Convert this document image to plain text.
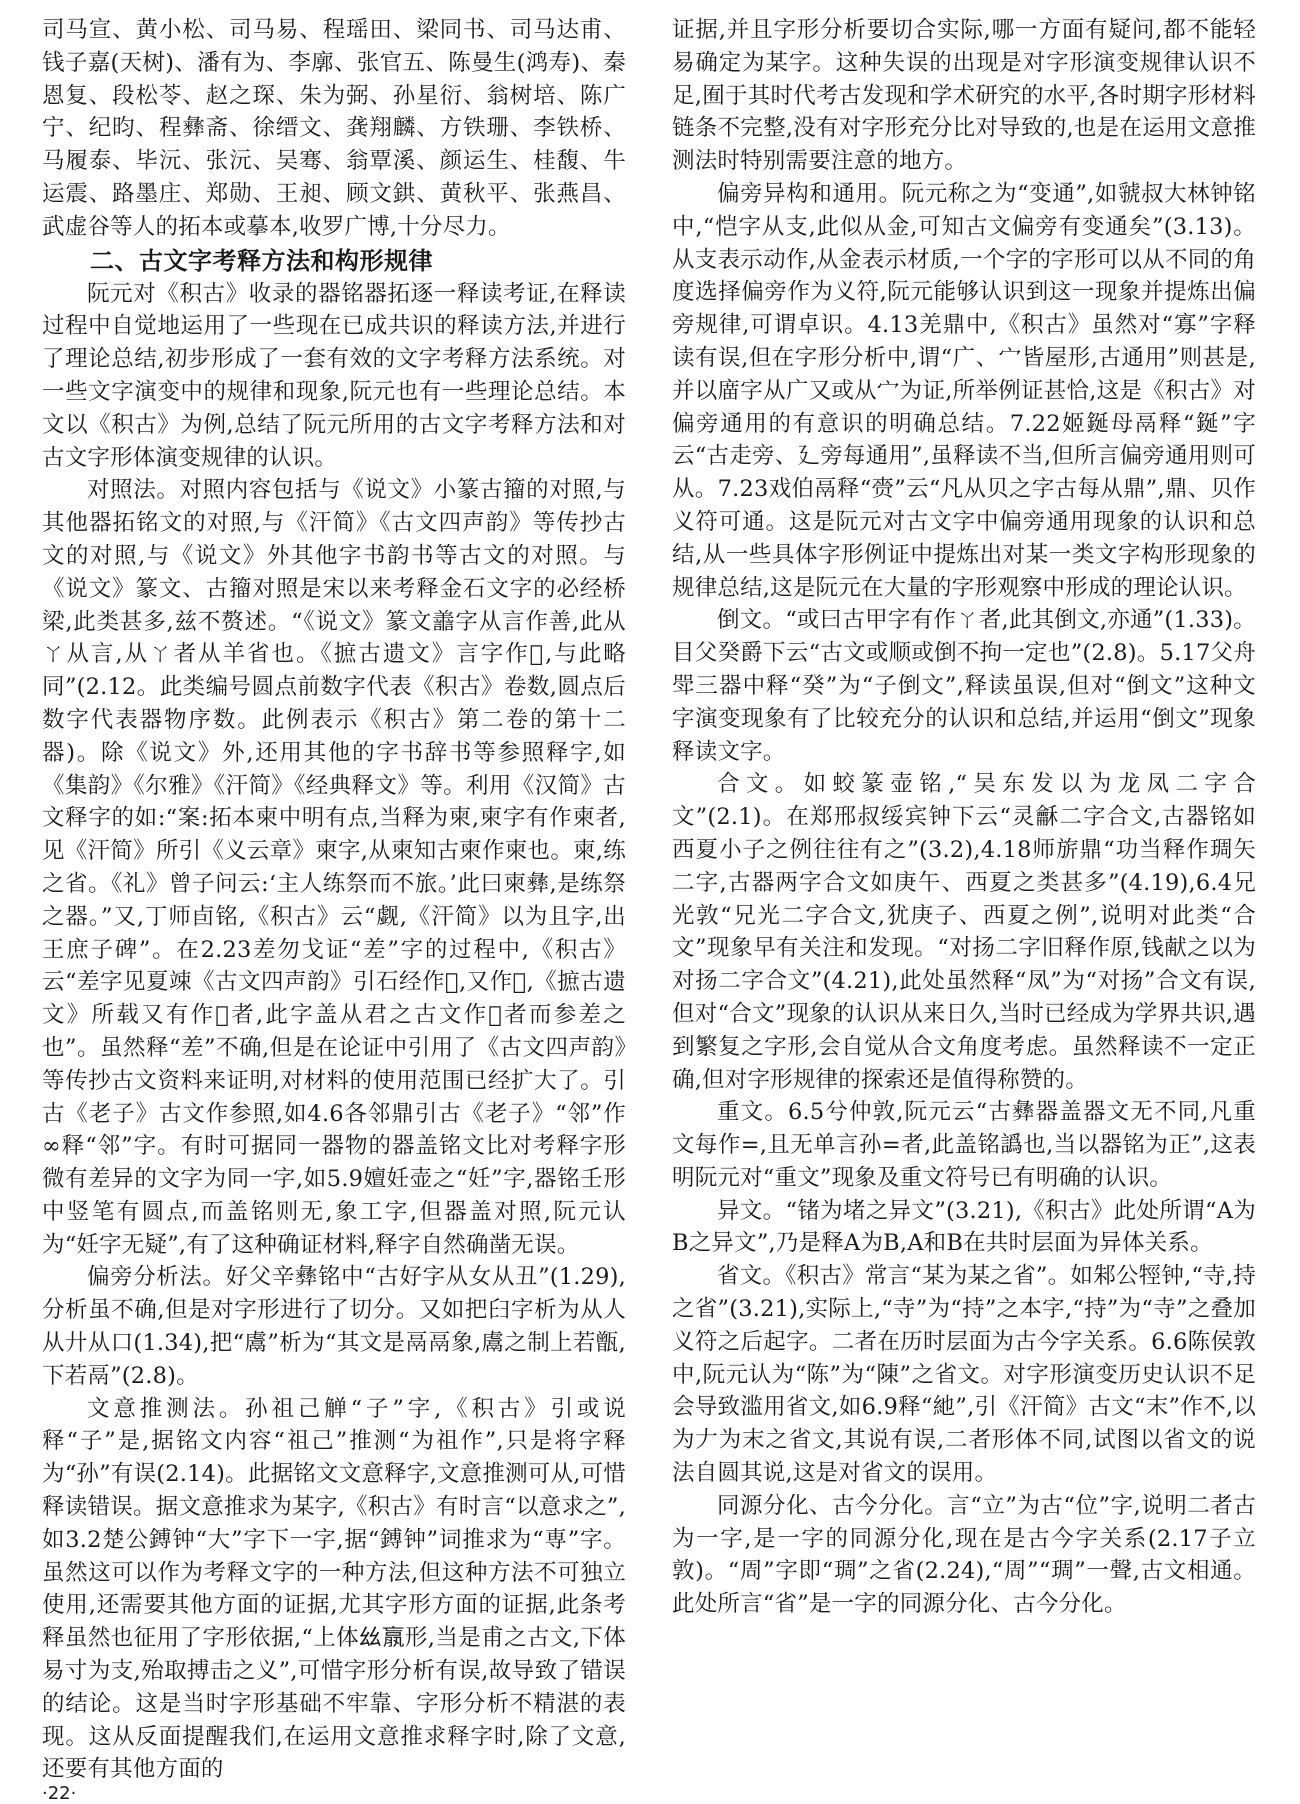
司马宣、黄小松、司马易、程瑶田、梁同书、司马达甫、钱子嘉(天树)、潘有为、李廓、张官五、陈曼生(鸿寿)、秦恩复、段松苓、赵之琛、朱为弼、孙星衍、翁树培、陈广宁、纪昀、程彝斋、徐缙文、龚翔麟、方铁珊、李铁桥、马履泰、毕沅、张沅、吴骞、翁覃溪、颜运生、桂馥、牛运震、路墨庄、郑勋、王昶、顾文鉷、黄秋平、张燕昌、武虚谷等人的拓本或摹本,收罗广博,十分尽力。

二、古文字考释方法和构形规律

阮元对《积古》收录的器铭器拓逐一释读考证,在释读过程中自觉地运用了一些现在已成共识的释读方法,并进行了理论总结,初步形成了一套有效的文字考释方法系统。对一些文字演变中的规律和现象,阮元也有一些理论总结。本文以《积古》为例,总结了阮元所用的古文字考释方法和对古文字形体演变规律的认识。

对照法。对照内容包括与《说文》小篆古籀的对照,与其他器拓铭文的对照,与《汗简》《古文四声韵》等传抄古文的对照,与《说文》外其他字书韵书等古文的对照。与《说文》篆文、古籀对照是宋以来考释金石文字的必经桥梁,此类甚多,兹不赘述。“《说文》篆文譱字从言作善,此从ㄚ从言,从ㄚ者从羊省也。《摭古遗文》言字作𠮦,与此略同”(2.12。此类编号圆点前数字代表《积古》卷数,圆点后数字代表器物序数。此例表示《积古》第二卷的第十二器)。除《说文》外,还用其他的字书辞书等参照释字,如《集韵》《尔雅》《汗简》《经典释文》等。利用《汉简》古文释字的如:“案:拓本柬中明有点,当释为柬,柬字有作柬者,见《汗简》所引《义云章》柬字,从柬知古柬作柬也。柬,练之省。《礼》曾子问云:‘主人练祭而不旅。’此曰柬彝,是练祭之器。”又,丁师卣铭,《积古》云“觑,《汗简》以为且字,出王庶子碑”。在2.23差勿戈证“差”字的过程中,《积古》云“差字见夏竦《古文四声韵》引石经作𢀩,又作𢀩,《摭古遗文》所载又有作𢀩者,此字盖从君之古文作𢀩者而参差之也”。虽然释“差”不确,但是在论证中引用了《古文四声韵》等传抄古文资料来证明,对材料的使用范围已经扩大了。引古《老子》古文作参照,如4.6各邻鼎引古《老子》“邻”作∞释“邻”字。有时可据同一器物的器盖铭文比对考释字形微有差异的文字为同一字,如5.9嬗妊壶之“妊”字,器铭壬形中竖笔有圆点,而盖铭则无,象工字,但器盖对照,阮元认为“妊字无疑”,有了这种确证材料,释字自然确凿无误。

偏旁分析法。好父辛彝铭中“古好字从女从丑”(1.29),分析虽不确,但是对字形进行了切分。又如把𦥑字析为从人从廾从口(1.34),把“鬳”析为“其文是鬲鬲象,鬳之制上若甑,下若鬲”(2.8)。

文意推测法。孙祖己觯“子”字,《积古》引或说释“子”是,据铭文内容“祖己”推测“为祖作”,只是将字释为“孙”有误(2.14)。此据铭文文意释字,文意推测可从,可惜释读错误。据文意推求为某字,《积古》有时言“以意求之”,如3.2楚公鎛钟“大”字下一字,据“鎛钟”词推求为“専”字。虽然这可以作为考释文字的一种方法,但这种方法不可独立使用,还需要其他方面的证据,尤其字形方面的证据,此条考释虽然也征用了字形依据,“上体𢆶𣎆形,当是甫之古文,下体易寸为支,殆取搏击之义”,可惜字形分析有误,故导致了错误的结论。这是当时字形基础不牢靠、字形分析不精湛的表现。这从反面提醒我们,在运用文意推求释字时,除了文意,还要有其他方面的

证据,并且字形分析要切合实际,哪一方面有疑问,都不能轻易确定为某字。这种失误的出现是对字形演变规律认识不足,囿于其时代考古发现和学术研究的水平,各时期字形材料链条不完整,没有对字形充分比对导致的,也是在运用文意推测法时特别需要注意的地方。

偏旁异构和通用。阮元称之为“变通”,如虢叔大林钟铭中,“恺字从支,此似从金,可知古文偏旁有变通矣”(3.13)。从支表示动作,从金表示材质,一个字的字形可以从不同的角度选择偏旁作为义符,阮元能够认识到这一现象并提炼出偏旁规律,可谓卓识。4.13羌鼎中,《积古》虽然对“寡”字释读有误,但在字形分析中,谓“广、宀皆屋形,古通用”则甚是,并以庿字从广又或从宀为证,所举例证甚恰,这是《积古》对偏旁通用的有意识的明确总结。7.22姬鋋母鬲释“鋋”字云“古走旁、廴旁每通用”,虽释读不当,但所言偏旁通用则可从。7.23戏伯鬲释“赍”云“凡从贝之字古每从鼎”,鼎、贝作义符可通。这是阮元对古文字中偏旁通用现象的认识和总结,从一些具体字形例证中提炼出对某一类文字构形现象的规律总结,这是阮元在大量的字形观察中形成的理论认识。

倒文。“或曰古甲字有作ㄚ者,此其倒文,亦通”(1.33)。目父癸爵下云“古文或顺或倒不拘一定也”(2.8)。5.17父舟斝三器中释“癸”为“子倒文”,释读虽误,但对“倒文”这种文字演变现象有了比较充分的认识和总结,并运用“倒文”现象释读文字。

合文。如蛟篆壶铭,“吴东发以为龙凤二字合文”(2.1)。在郑邢叔绥宾钟下云“灵龢二字合文,古器铭如西夏小子之例往往有之”(3.2),4.18师旂鼎“功当释作琱矢二字,古器两字合文如庚午、西夏之类甚多”(4.19),6.4兄光敦“兄光二字合文,犹庚子、西夏之例”,说明对此类“合文”现象早有关注和发现。“对扬二字旧释作原,钱献之以为对扬二字合文”(4.21),此处虽然释“凤”为“对扬”合文有误,但对“合文”现象的认识从来日久,当时已经成为学界共识,遇到繁复之字形,会自觉从合文角度考虑。虽然释读不一定正确,但对字形规律的探索还是值得称赞的。

重文。6.5兮仲敦,阮元云“古彝器盖器文无不同,凡重文每作=,且无单言孙=者,此盖铭譌也,当以器铭为正”,这表明阮元对“重文”现象及重文符号已有明确的认识。

异文。“锗为堵之异文”(3.21),《积古》此处所谓“A为B之异文”,乃是释A为B,A和B在共时层面为异体关系。

省文。《积古》常言“某为某之省”。如邾公牼钟,“寺,持之省”(3.21),实际上,“寺”为“持”之本字,“持”为“寺”之叠加义符之后起字。二者在历时层面为古今字关系。6.6陈侯敦中,阮元认为“陈”为“陳”之省文。对字形演变历史认识不足会导致滥用省文,如6.9释“䊶”,引《汗简》古文“末”作𣎴,以为𠂇为末之省文,其说有误,二者形体不同,试图以省文的说法自圆其说,这是对省文的误用。

同源分化、古今分化。言“立”为古“位”字,说明二者古为一字,是一字的同源分化,现在是古今字关系(2.17子立敦)。“周”字即“琱”之省(2.24),“周”“琱”一聲,古文相通。此处所言“省”是一字的同源分化、古今分化。

·22·
